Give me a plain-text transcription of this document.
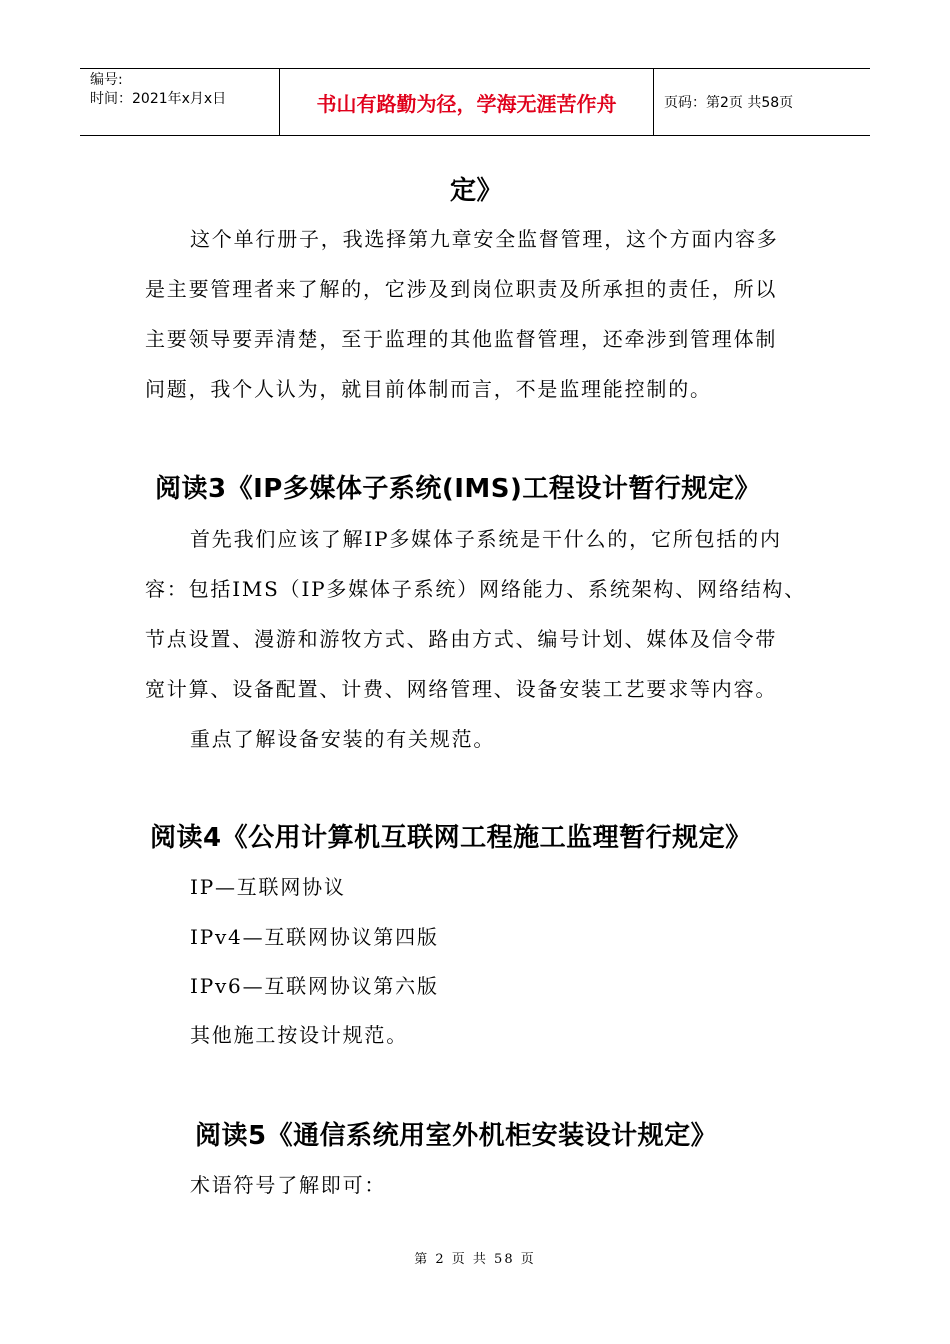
编号:
时间：2021年x月x日	书山有路勤为径，学海无涯苦作舟	页码：第2页 共58页
定》
这个单行册子，我选择第九章安全监督管理，这个方面内容多
是主要管理者来了解的，它涉及到岗位职责及所承担的责任，所以
主要领导要弄清楚，至于监理的其他监督管理，还牵涉到管理体制
问题，我个人认为，就目前体制而言，不是监理能控制的。
阅读3《IP多媒体子系统(IMS)工程设计暂行规定》
首先我们应该了解IP多媒体子系统是干什么的，它所包括的内
容：包括IMS（IP多媒体子系统）网络能力、系统架构、网络结构、
节点设置、漫游和游牧方式、路由方式、编号计划、媒体及信令带
宽计算、设备配置、计费、网络管理、设备安装工艺要求等内容。
重点了解设备安装的有关规范。
阅读4《公用计算机互联网工程施工监理暂行规定》
IP—互联网协议
IPv4—互联网协议第四版
IPv6—互联网协议第六版
其他施工按设计规范。
阅读5《通信系统用室外机柜安装设计规定》
术语符号了解即可：
第 2 页 共 58 页
